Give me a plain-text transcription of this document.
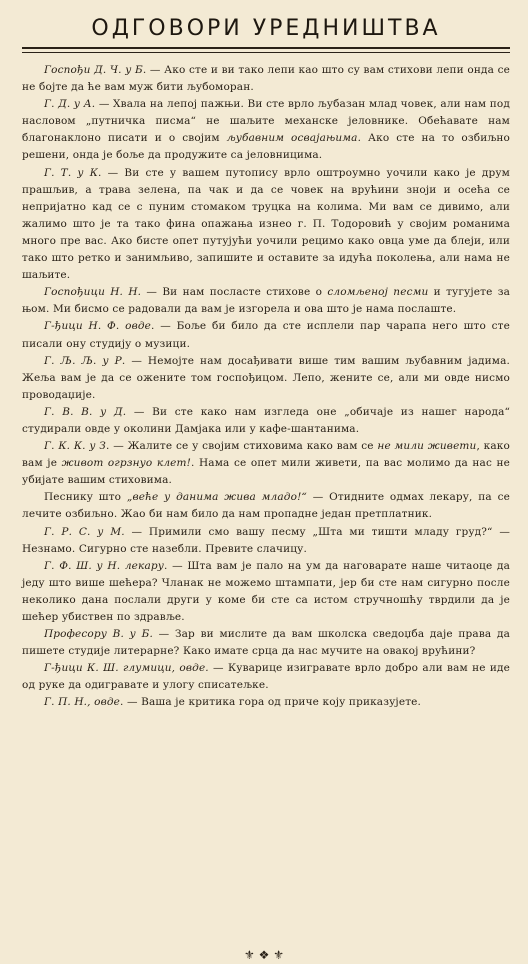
ОДГОВОРИ УРЕДНИШТВА

Госпођи Д. Ч. у Б. — Ако сте и ви тако лепи као што су вам стихови лепи онда се не бојте да ће вам муж бити љубоморан.

Г. Д. у А. — Хвала на лепој пажњи. Ви сте врло љубазан млад човек, али нам под насловом „путничка писма“ не шаљите механске јеловнике. Обећавате нам благонаклоно писати и о својим љубавним освајањима. Ако сте на то озбиљно решени, онда је боље да продужите са јеловницима.

Г. Т. у К. — Ви сте у вашем путопису врло оштроумно уочили како је друм прашљив, а трава зелена, па чак и да се човек на врућини зноји и осећа се непријатно кад се с пуним стомаком труцка на колима. Ми вам се дивимо, али жалимо што је та тако фина опажања изнео г. П. Тодоровић у својим романима много пре вас. Ако бисте опет путујући уочили рецимо како овца уме да блеји, или тако што ретко и занимљиво, запишите и оставите за идућа поколења, али нама не шаљите.

Госпођици Н. Н. — Ви нам посласте стихове о сломљеној песми и тугујете за њом. Ми бисмо се радовали да вам је изгорела и ова што је нама послаште.

Г-ђици Н. Ф. овде. — Боље би било да сте исплели пар чарапа него што сте писали ону студију о музици.

Г. Љ. Љ. у Р. — Немојте нам досађивати више тим вашим љубавним јадима. Жеља вам је да се ожените том госпођицом. Лепо, жените се, али ми овде нисмо проводаџије.

Г. В. В. у Д. — Ви сте како нам изгледа оне „обичаје из нашег народа“ студирали овде у околини Дамјака или у кафе-шантанима.

Г. К. К. у З. — Жалите се у својим стиховима како вам се не мили живети, како вам је живот огрзнуо клет!. Нама се опет мили живети, па вас молимо да нас не убијате вашим стиховима.

Песнику што „веће у данима жива младо!“ — Отидните одмах лекару, па се лечите озбиљно. Жао би нам било да нам пропадне један претплатник.

Г. Р. С. у М. — Примили смо вашу песму „Шта ми тишти младу груд?“ — Незнамо. Сигурно сте назебли. Превите слачицу.

Г. Ф. Ш. у Н. лекару. — Шта вам је пало на ум да наговарате наше читаоце да једу што више шећера? Чланак не можемо штампати, јер би сте нам сигурно после неколико дана послали други у коме би сте са истом стручношћу тврдили да је шећер убиствен по здравље.

Професору В. у Б. — Зар ви мислите да вам школска сведоџба даје права да пишете студије литерарне? Како имате срца да нас мучите на овакој врућини?

Г-ђици К. Ш. глумици, овде. — Куварице изигравате врло добро али вам не иде од руке да одигравате и улогу списатељке.

Г. П. Н., овде. — Ваша је критика гора од приче коју приказујете.

⚜ ❖ ⚜
